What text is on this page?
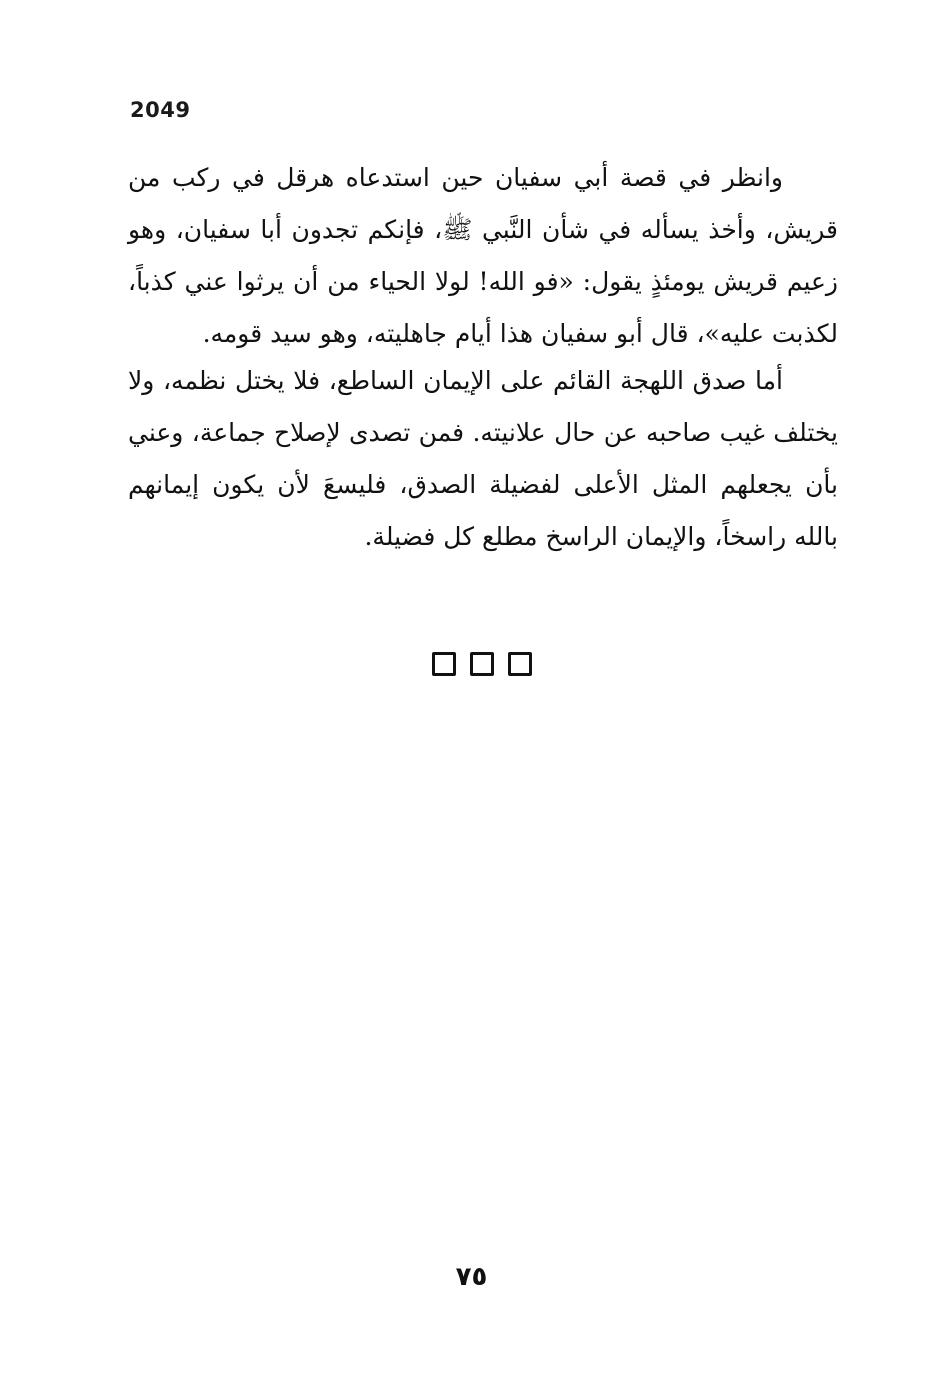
2049

وانظر في قصة أبي سفيان حين استدعاه هرقل في ركب من قريش، وأخذ يسأله في شأن النَّبي ﷺ، فإنكم تجدون أبا سفيان، وهو زعيم قريش يومئذٍ يقول: «فو الله! لولا الحياء من أن يرثوا عني كذباً، لكذبت عليه»، قال أبو سفيان هذا أيام جاهليته، وهو سيد قومه.

أما صدق اللهجة القائم على الإيمان الساطع، فلا يختل نظمه، ولا يختلف غيب صاحبه عن حال علانيته. فمن تصدى لإصلاح جماعة، وعني بأن يجعلهم المثل الأعلى لفضيلة الصدق، فليسعَ لأن يكون إيمانهم بالله راسخاً، والإيمان الراسخ مطلع كل فضيلة.

٧٥
